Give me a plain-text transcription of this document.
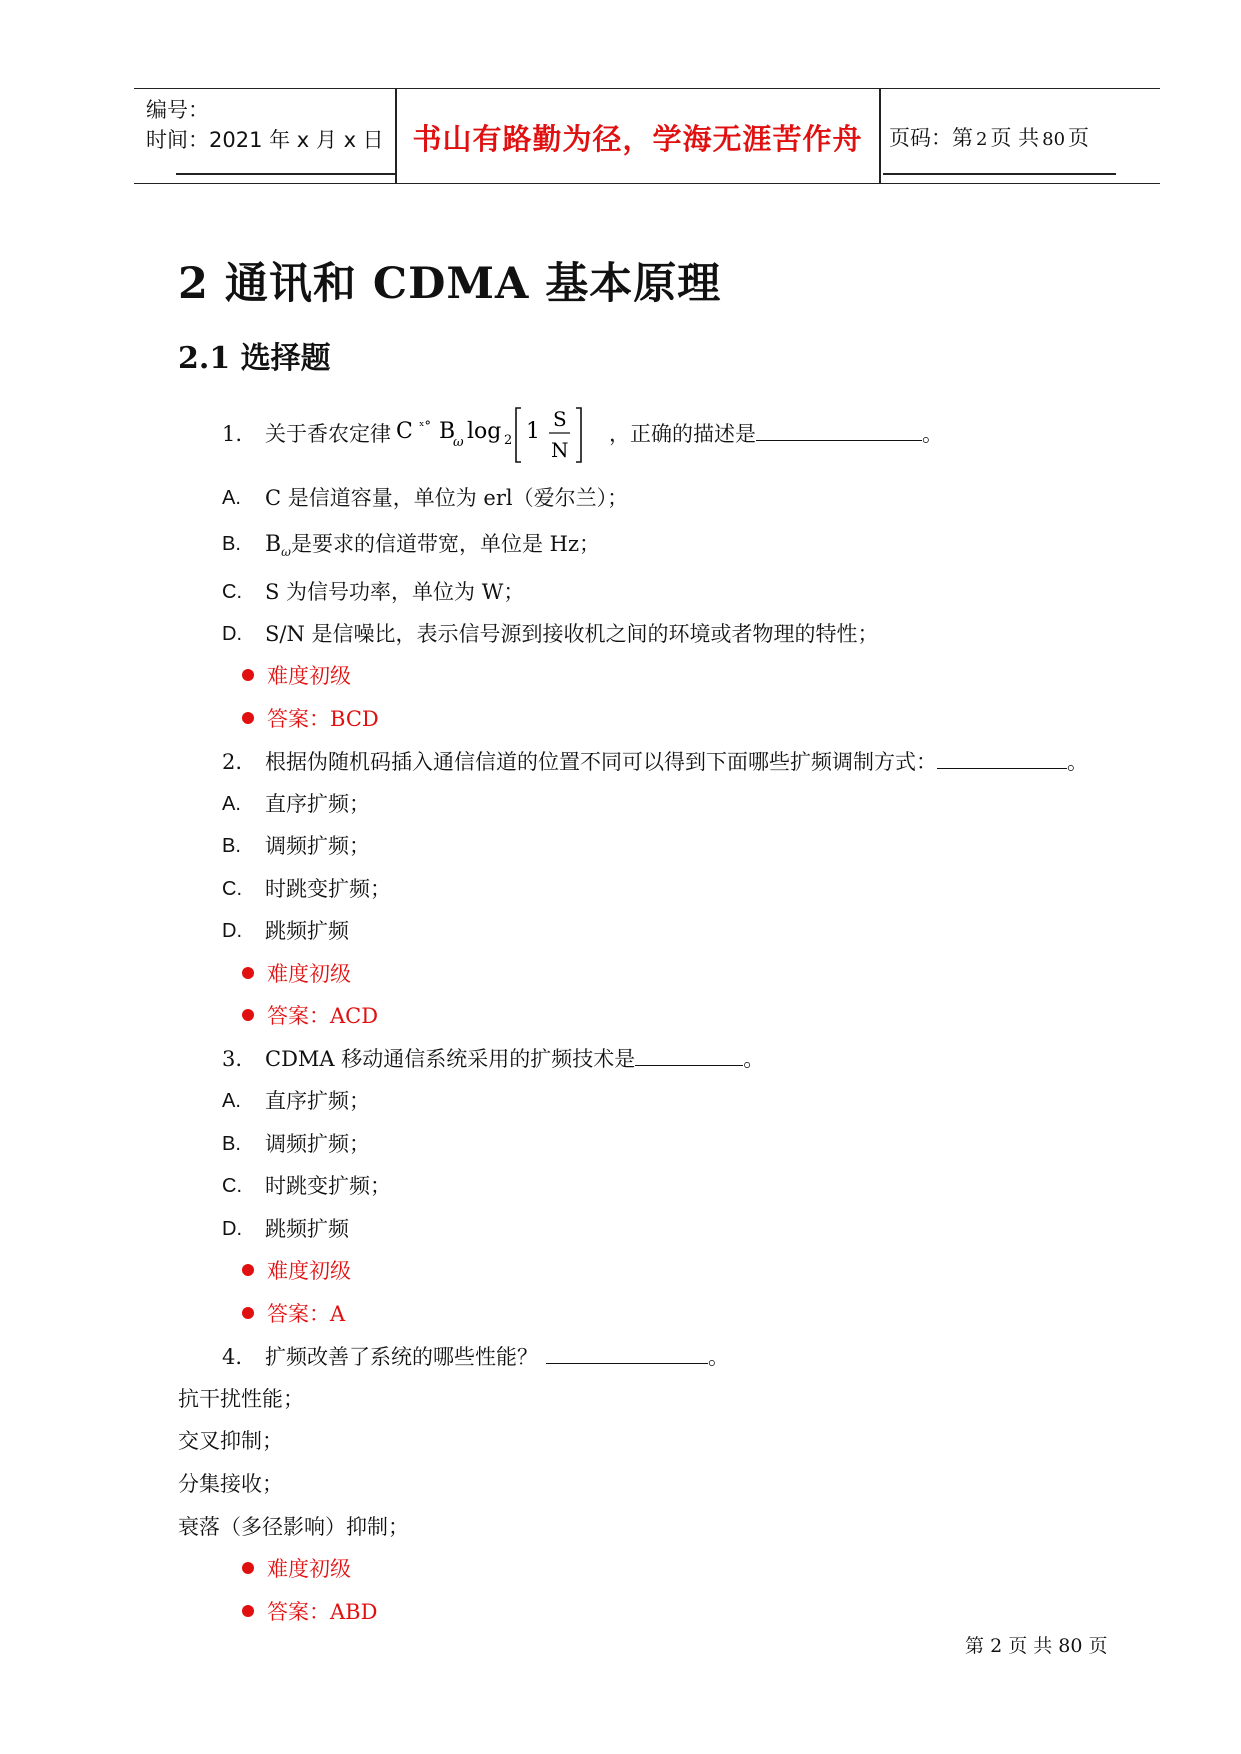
编号：
时间：2021 年 x 月 x 日 书山有路勤为径，学海无涯苦作舟	页码：第 2 页 共 80 页
2 通讯和 CDMA 基本原理
2.1 选择题
1. 关于香农定律 C ˣ° B
ω log 2 1 S
N
，正确的描述是	。
A. C 是信道容量，单位为 erl（爱尔兰）；
B. $B_\omega$是要求的信道带宽，单位是 Hz；
C. S 为信号功率，单位为 W；
D. S/N 是信噪比，表示信号源到接收机之间的环境或者物理的特性；
难度初级
答案：BCD
2. 根据伪随机码插入通信信道的位置不同可以得到下面哪些扩频调制方式：	。
A. 直序扩频；
B. 调频扩频；
C. 时跳变扩频；
D. 跳频扩频
难度初级
答案：ACD
3. CDMA 移动通信系统采用的扩频技术是	。
A. 直序扩频；
B. 调频扩频；
C. 时跳变扩频；
D. 跳频扩频
难度初级
答案：A
4. 扩频改善了系统的哪些性能？	。
抗干扰性能；
交叉抑制；
分集接收；
衰落（多径影响）抑制；
难度初级
答案：ABD
第 2 页 共 80 页
